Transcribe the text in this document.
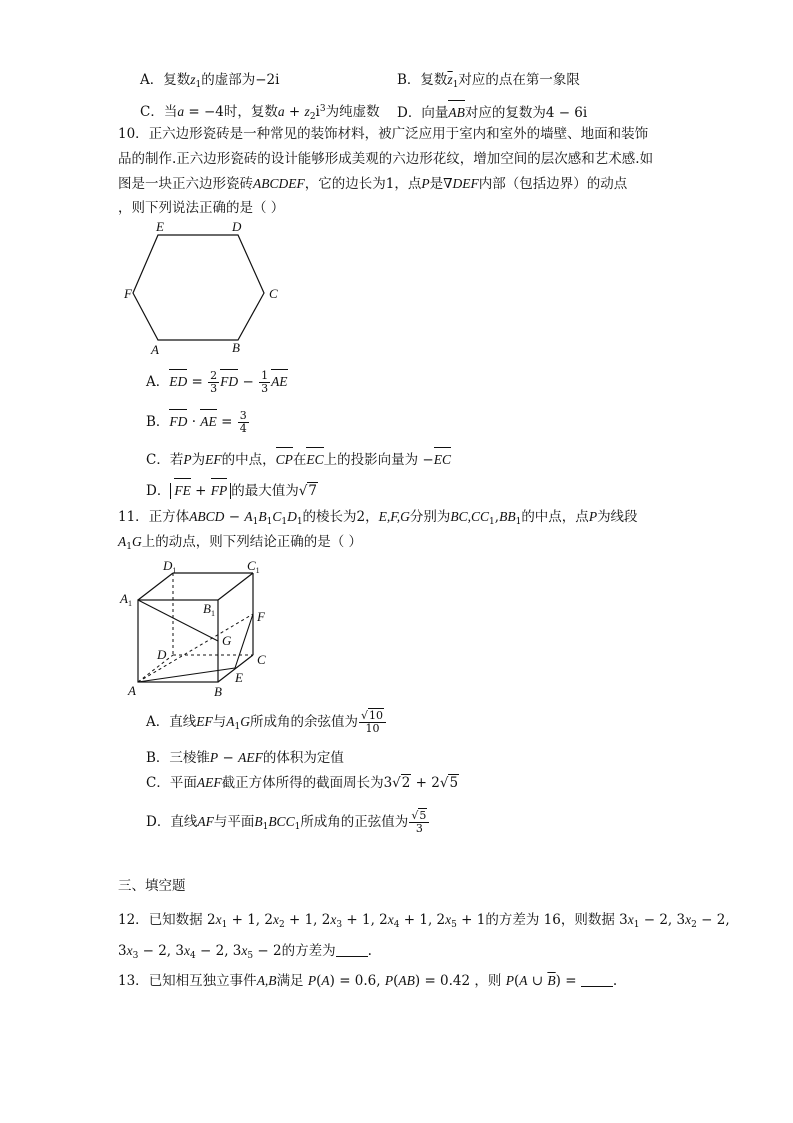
A．复数$z_1$的虚部为−2i	B．复数$\overline{z}_1$对应的点在第一象限
C．当a = −4时，复数$a + z_2i^3$为纯虚数 D．向量AB对应的复数为4 − 6i
10．正六边形瓷砖是一种常见的装饰材料，被广泛应用于室内和室外的墙壁、地面和装饰
品的制作.正六边形瓷砖的设计能够形成美观的六边形花纹，增加空间的层次感和艺术感.如
图是一块正六边形瓷砖ABCDEF，它的边长为1，点P是∇DEF内部（包括边界）的动点
，则下列说法正确的是（ ）
F	C
E	D
A	B
A．ED = $\frac{2}{3}$ FD − $\frac{1}{3}$ AE
B．FD · AE = $\frac{3}{4}$
C．若P为EF的中点，CP在EC上的投影向量为 −EC
D． FE + FP 的最大值为√7
11．正方体ABCD − $A_1B_1C_1D_1$的棱长为2，E,F,G分别为$BC,CC_1,BB_1$的中点，点P为线段
$A_1G$上的动点，则下列结论正确的是（ ）
$D_1$	$C_1$
$A_1$	$B_1$	F
G
D	C
E
A	B
A．直线EF与$A_1G$所成角的余弦值为 $\frac{√10}{10}$
B．三棱锥P − AEF的体积为定值
C．平面AEF截正方体所得的截面周长为3√2 + 2√5
D．直线AF与平面$B_1BCC_1$所成角的正弦值为 $\frac{√5}{3}$
三、填空题
12．已知数据 $2x_1 + 1$, $2x_2 + 1$, $2x_3 + 1$, $2x_4 + 1$, $2x_5 + 1$的方差为 16，则数据 $3x_1 - 2$, $3x_2 - 2$,
$3x_3 - 2$, $3x_4 - 2$, $3x_5 - 2$的方差为 .
13．已知相互独立事件A,B满足 P(A) = 0.6, P(AB) = 0.42 ，则 P(A ∪ $\overline{B}$) = .
